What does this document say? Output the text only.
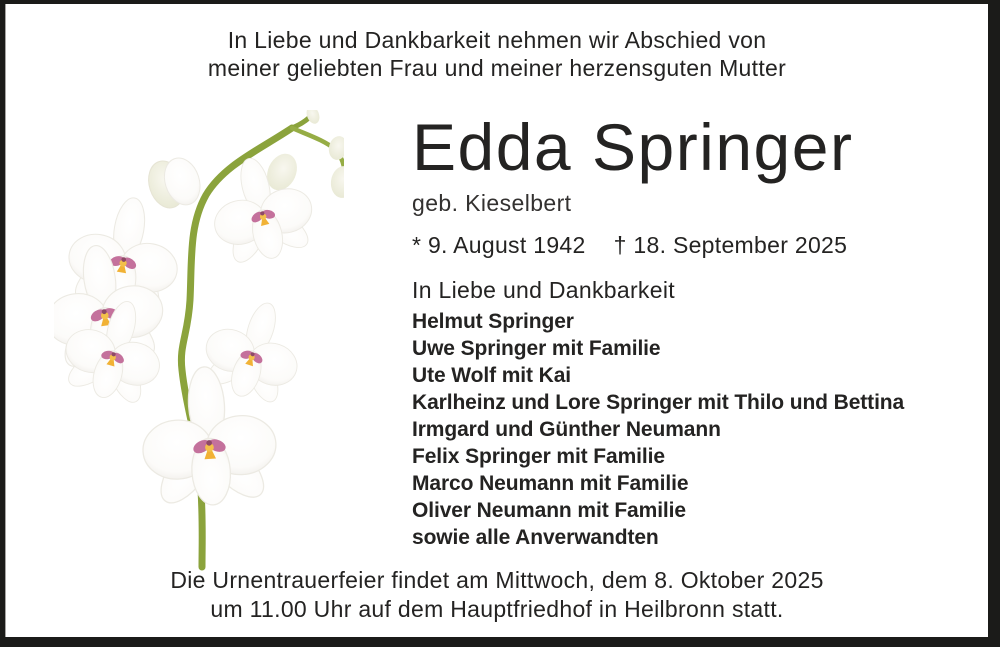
In Liebe und Dankbarkeit nehmen wir Abschied von
meiner geliebten Frau und meiner herzensguten Mutter
Edda Springer
geb. Kieselbert
* 9. August 1942 † 18. September 2025
In Liebe und Dankbarkeit
Helmut Springer
Uwe Springer mit Familie
Ute Wolf mit Kai
Karlheinz und Lore Springer mit Thilo und Bettina
Irmgard und Günther Neumann
Felix Springer mit Familie
Marco Neumann mit Familie
Oliver Neumann mit Familie
sowie alle Anverwandten
Die Urnentrauerfeier findet am Mittwoch, dem 8. Oktober 2025
um 11.00 Uhr auf dem Hauptfriedhof in Heilbronn statt.
